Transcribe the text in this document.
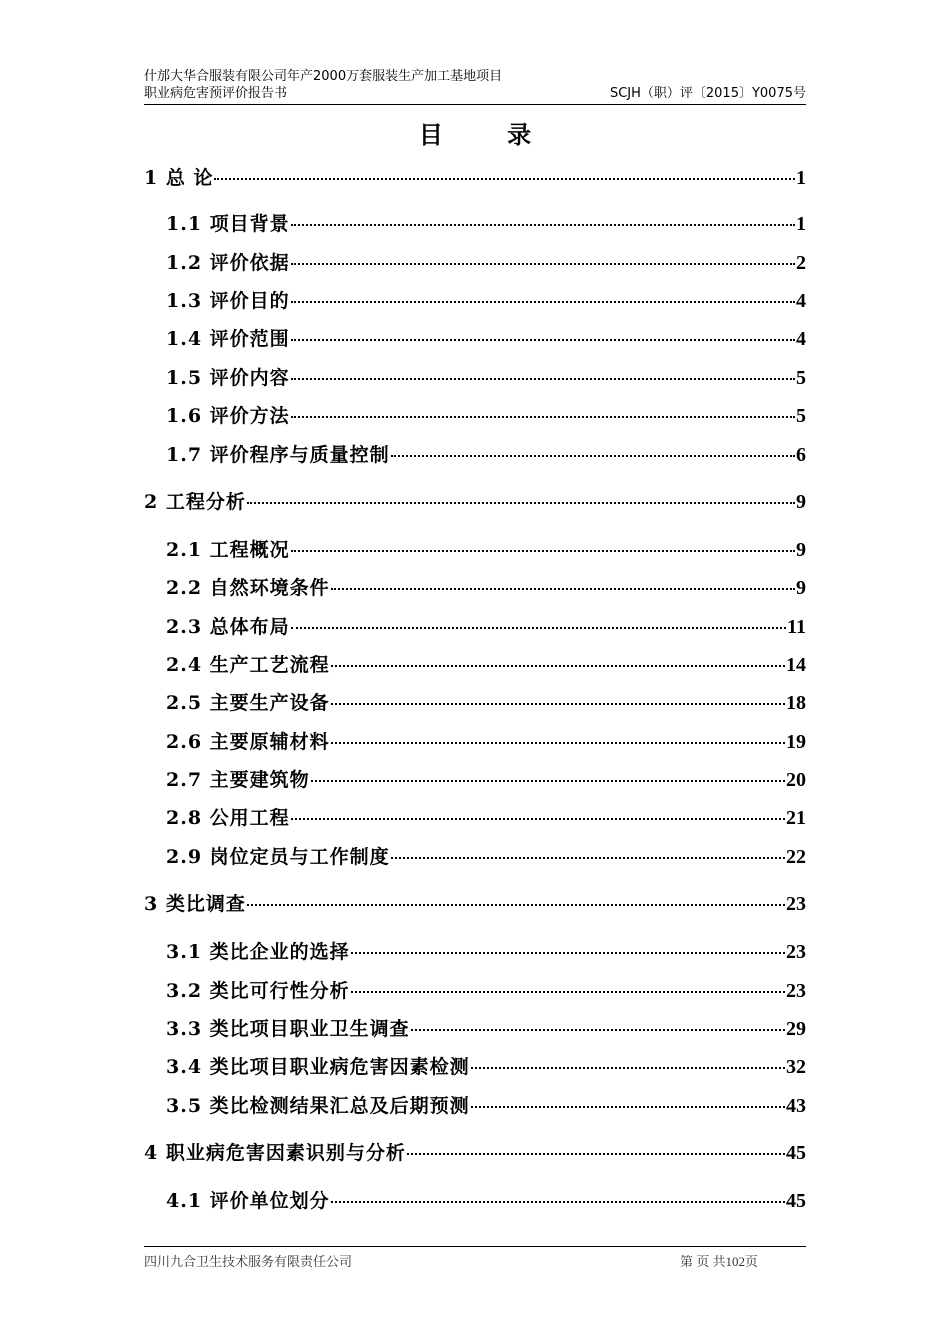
什邡大华合服装有限公司年产2000万套服装生产加工基地项目
职业病危害预评价报告书	SCJH（职）评〔2015〕Y0075号
目 录
1 总 论	1
1.1 项目背景	1
1.2 评价依据	2
1.3 评价目的	4
1.4 评价范围	4
1.5 评价内容	5
1.6 评价方法	5
1.7 评价程序与质量控制	6
2 工程分析	9
2.1 工程概况	9
2.2 自然环境条件	9
2.3 总体布局	11
2.4 生产工艺流程	14
2.5 主要生产设备	18
2.6 主要原辅材料	19
2.7 主要建筑物	20
2.8 公用工程	21
2.9 岗位定员与工作制度	22
3 类比调查	23
3.1 类比企业的选择	23
3.2 类比可行性分析	23
3.3 类比项目职业卫生调查	29
3.4 类比项目职业病危害因素检测	32
3.5 类比检测结果汇总及后期预测	43
4 职业病危害因素识别与分析	45
4.1 评价单位划分	45
四川九合卫生技术服务有限责任公司	第 页 共102页
